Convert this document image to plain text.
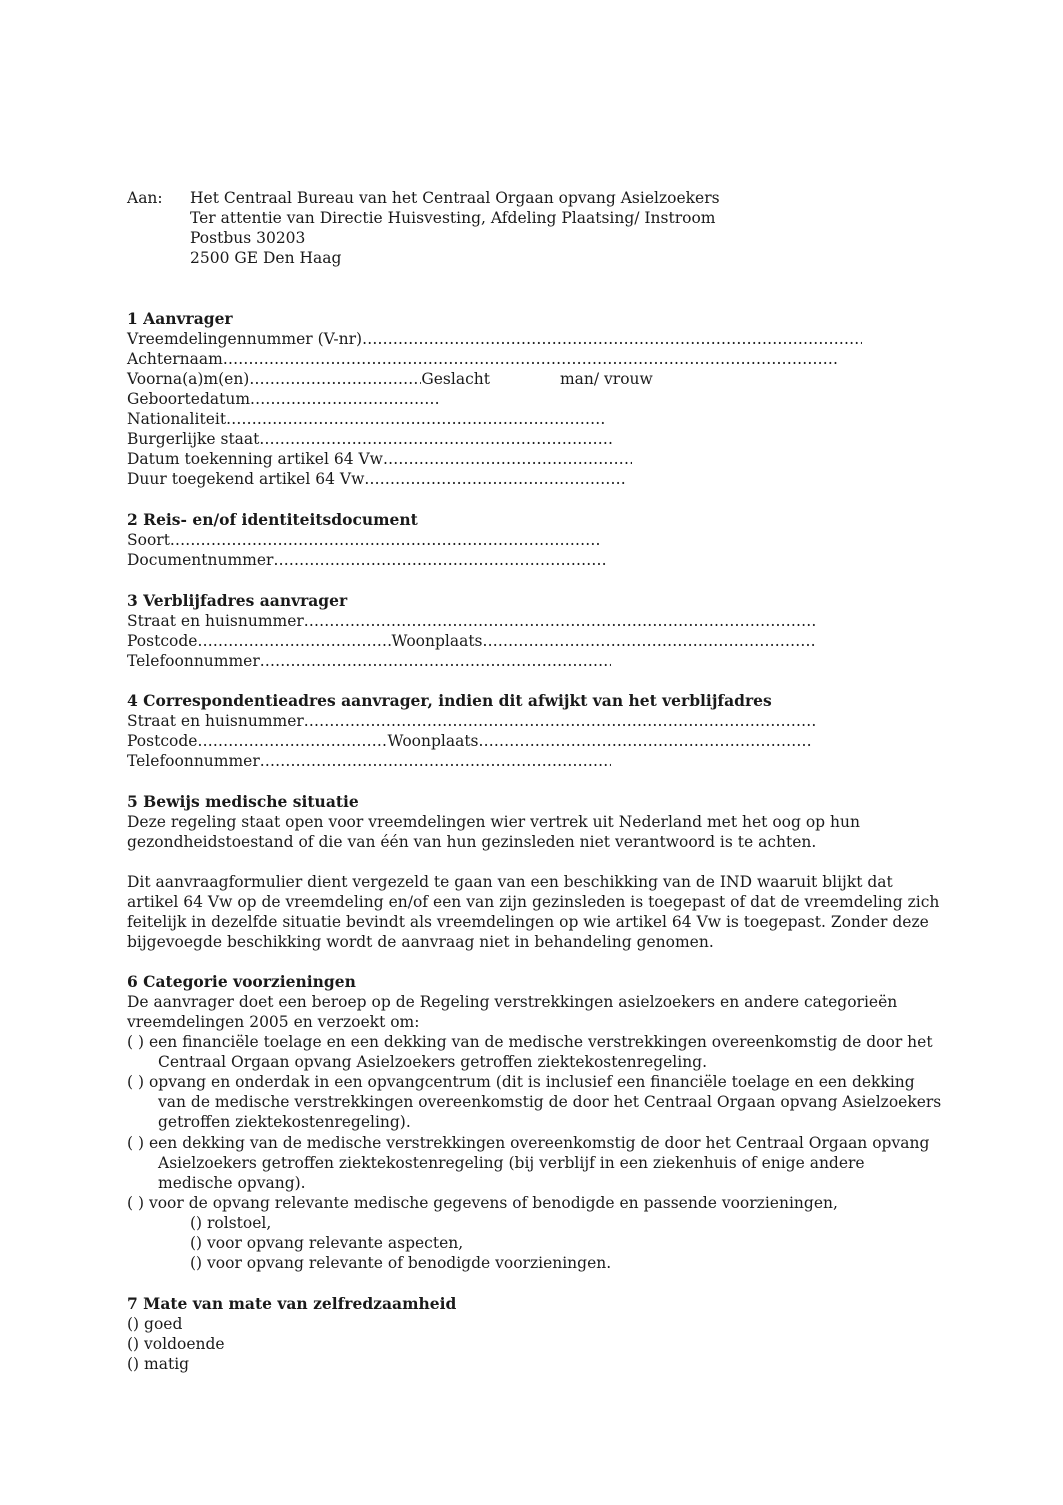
Aan: Het Centraal Bureau van het Centraal Orgaan opvang Asielzoekers
Ter attentie van Directie Huisvesting, Afdeling Plaatsing/ Instroom
Postbus 30203
2500 GE Den Haag
1 Aanvrager
Vreemdelingennummer (V-nr)
.....
Achternaam
.....
Voorna(a)m(en) .....	Geslacht	man/ vrouw
Geboortedatum
.....
Nationaliteit
.....
Burgerlijke staat
.....
Datum toekenning artikel 64 Vw
.....
Duur toegekend artikel 64 Vw
.....
2 Reis- en/of identiteitsdocument
Soort
.....
Documentnummer
.....
3 Verblijfadres aanvrager
Straat en huisnummer
.....
Postcode .....	Woonplaats
.....
Telefoonnummer
.....
4 Correspondentieadres aanvrager, indien dit afwijkt van het verblijfadres
Straat en huisnummer
.....
Postcode .....	Woonplaats
.....
Telefoonnummer
.....
5 Bewijs medische situatie
Deze regeling staat open voor vreemdelingen wier vertrek uit Nederland met het oog op hun gezondheidstoestand of die van één van hun gezinsleden niet verantwoord is te achten.
Dit aanvraagformulier dient vergezeld te gaan van een beschikking van de IND waaruit blijkt dat artikel 64 Vw op de vreemdeling en/of een van zijn gezinsleden is toegepast of dat de vreemdeling zich feitelijk in dezelfde situatie bevindt als vreemdelingen op wie artikel 64 Vw is toegepast. Zonder deze bijgevoegde beschikking wordt de aanvraag niet in behandeling genomen.
6 Categorie voorzieningen
De aanvrager doet een beroep op de Regeling verstrekkingen asielzoekers en andere categorieën vreemdelingen 2005 en verzoekt om:
( ) een financiële toelage en een dekking van de medische verstrekkingen overeenkomstig de door het Centraal Orgaan opvang Asielzoekers getroffen ziektekostenregeling.
( ) opvang en onderdak in een opvangcentrum (dit is inclusief een financiële toelage en een dekking van de medische verstrekkingen overeenkomstig de door het Centraal Orgaan opvang Asielzoekers getroffen ziektekostenregeling).
( ) een dekking van de medische verstrekkingen overeenkomstig de door het Centraal Orgaan opvang Asielzoekers getroffen ziektekostenregeling (bij verblijf in een ziekenhuis of enige andere medische opvang).
( ) voor de opvang relevante medische gegevens of benodigde en passende voorzieningen,
() rolstoel,
() voor opvang relevante aspecten,
() voor opvang relevante of benodigde voorzieningen.
7 Mate van mate van zelfredzaamheid
() goed
() voldoende
() matig
